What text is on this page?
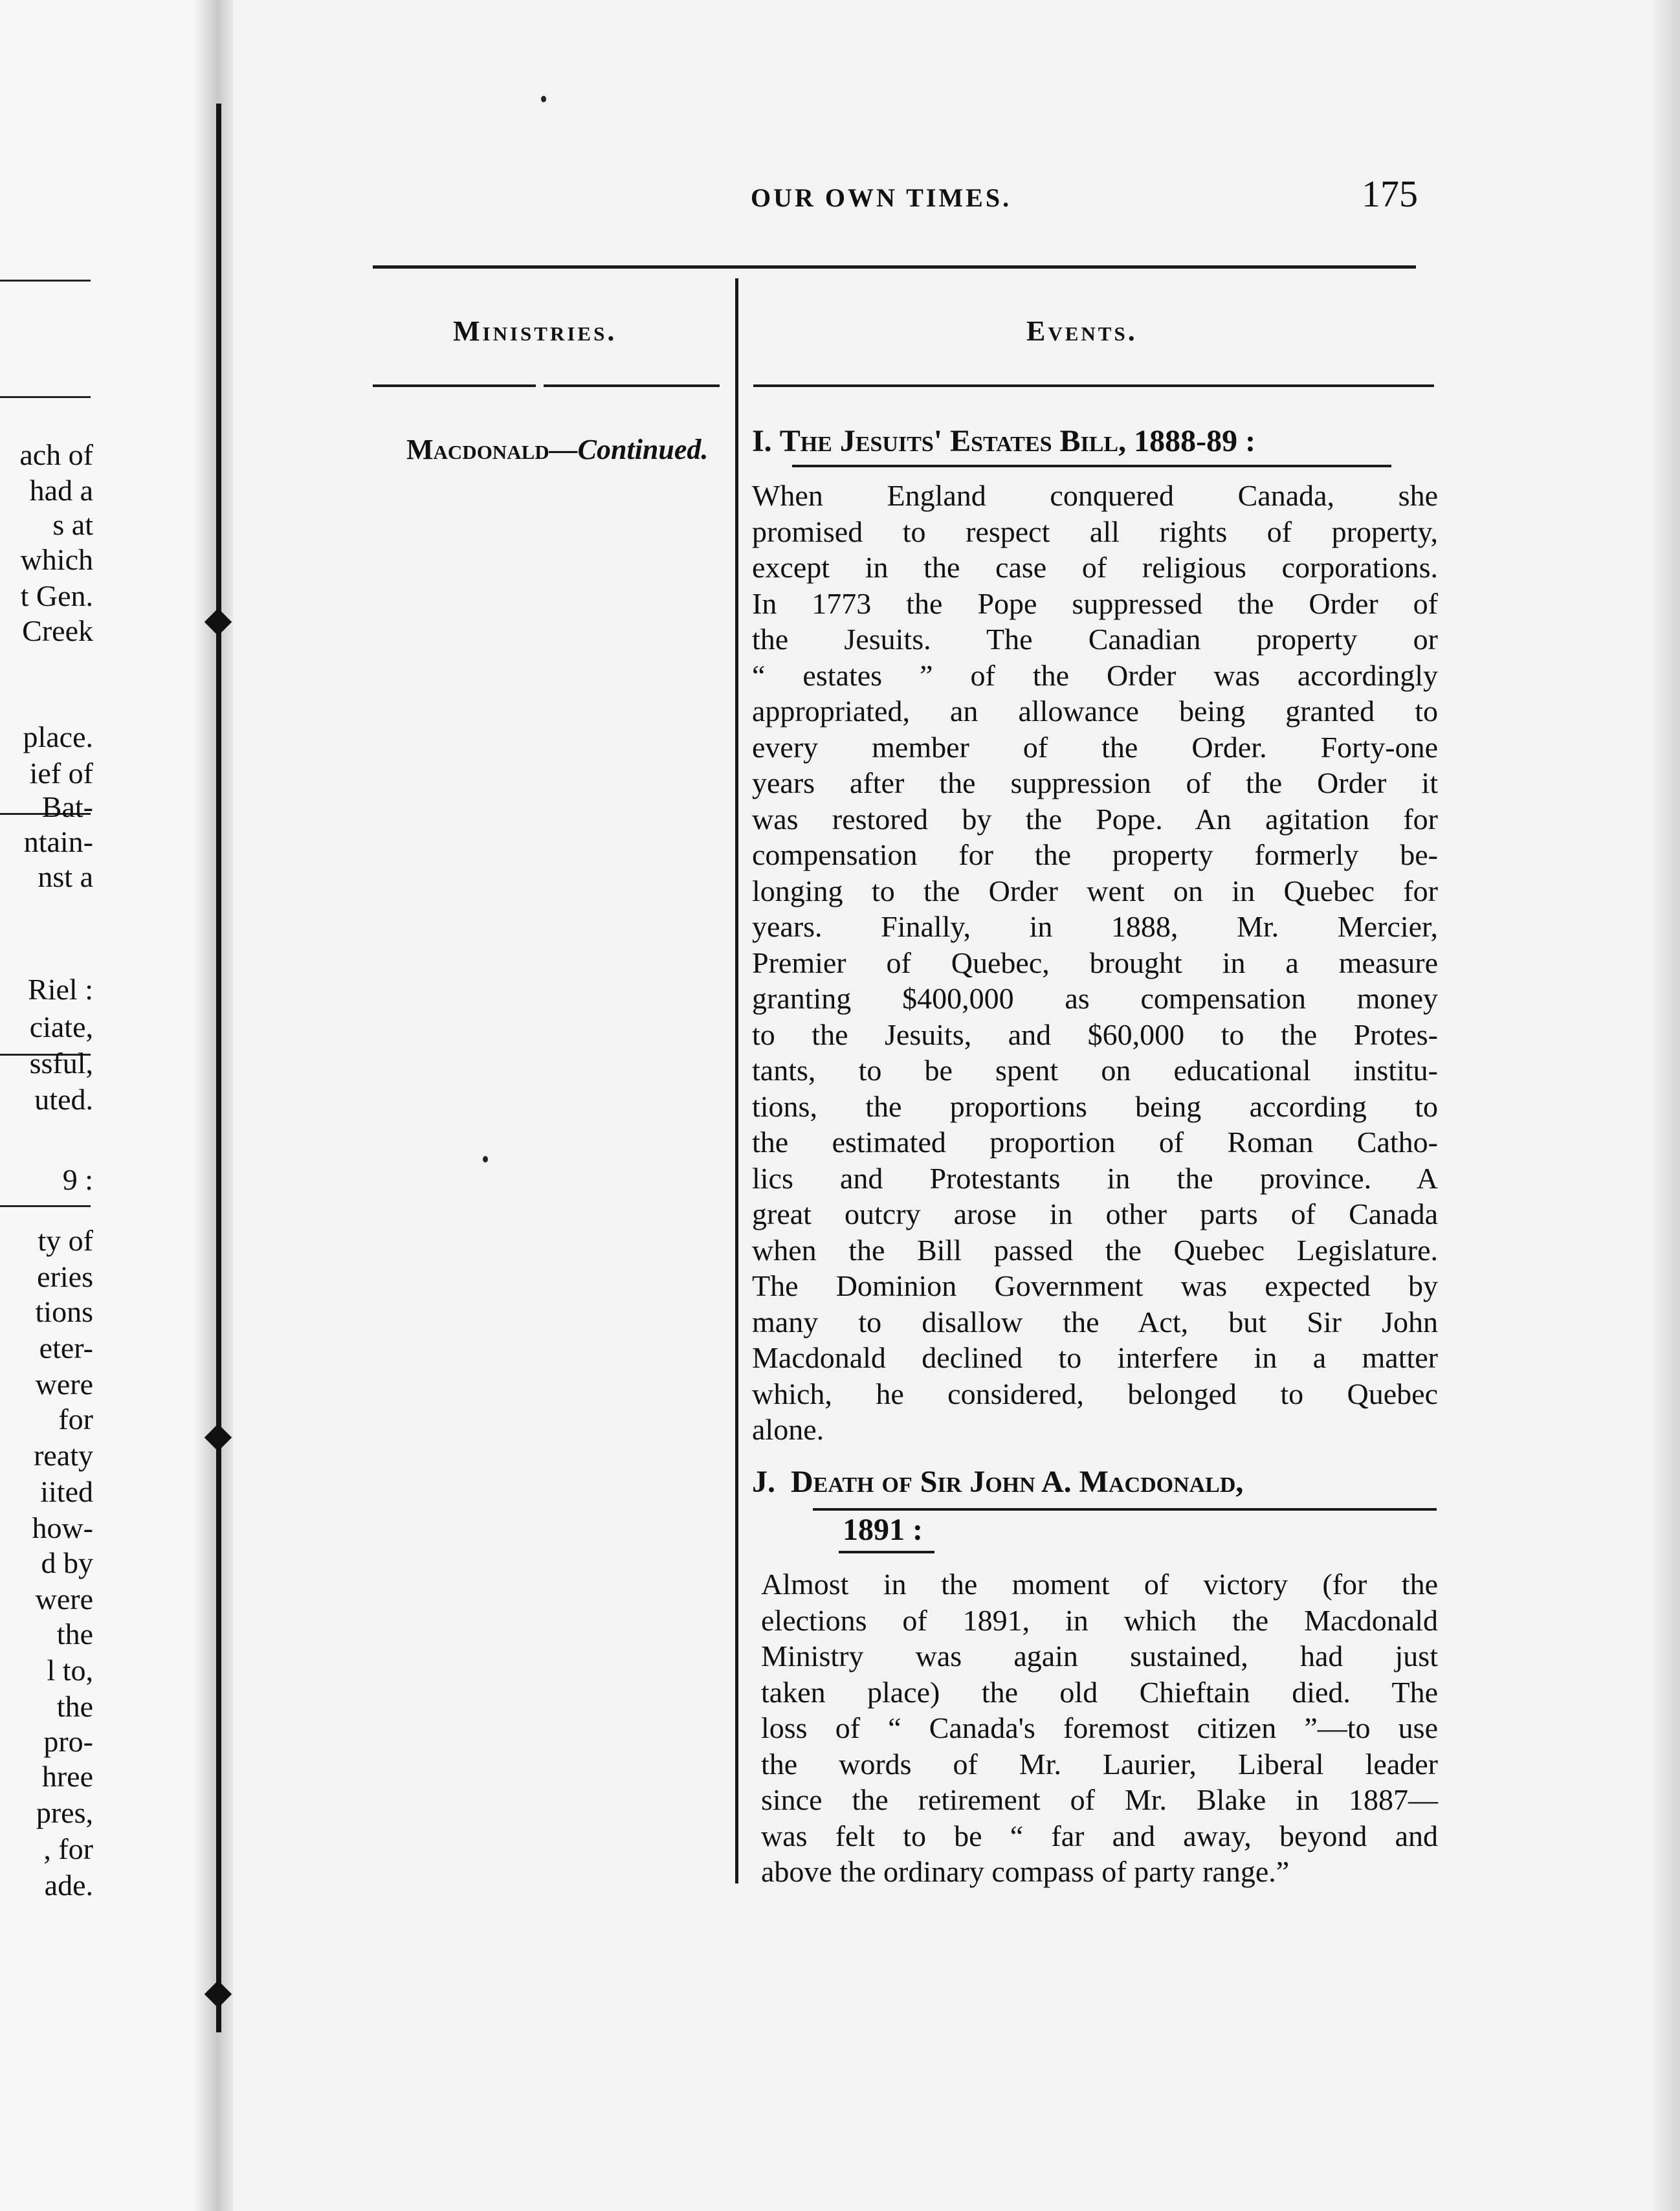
ach of
had a
s at
which
t Gen.
Creek
place.
ief of
Bat-
ntain-
nst a
Riel :
ciate,
ssful,
uted.
9 :
ty of
eries
tions
eter-
were
for
reaty
iited
how-
d by
were
the
l to,
the
pro-
hree
pres,
, for
ade.
OUR OWN TIMES.	175
Ministries.	Events.
Macdonald—Continued. I. The Jesuits' Estates Bill, 1888-89 :
When England conquered Canada, she
promised to respect all rights of property,
except in the case of religious corporations.
In 1773 the Pope suppressed the Order of
the Jesuits. The Canadian property or
“ estates ” of the Order was accordingly
appropriated, an allowance being granted to
every member of the Order. Forty-one
years after the suppression of the Order it
was restored by the Pope. An agitation for
compensation for the property formerly be-
longing to the Order went on in Quebec for
years. Finally, in 1888, Mr. Mercier,
Premier of Quebec, brought in a measure
granting $400,000 as compensation money
to the Jesuits, and $60,000 to the Protes-
tants, to be spent on educational institu-
tions, the proportions being according to
the estimated proportion of Roman Catho-
lics and Protestants in the province. A
great outcry arose in other parts of Canada
when the Bill passed the Quebec Legislature.
The Dominion Government was expected by
many to disallow the Act, but Sir John
Macdonald declined to interfere in a matter
which, he considered, belonged to Quebec
alone.
J. Death of Sir John A. Macdonald,
1891 :
Almost in the moment of victory (for the
elections of 1891, in which the Macdonald
Ministry was again sustained, had just
taken place) the old Chieftain died. The
loss of “ Canada's foremost citizen ”—to use
the words of Mr. Laurier, Liberal leader
since the retirement of Mr. Blake in 1887—
was felt to be “ far and away, beyond and
above the ordinary compass of party range.”
